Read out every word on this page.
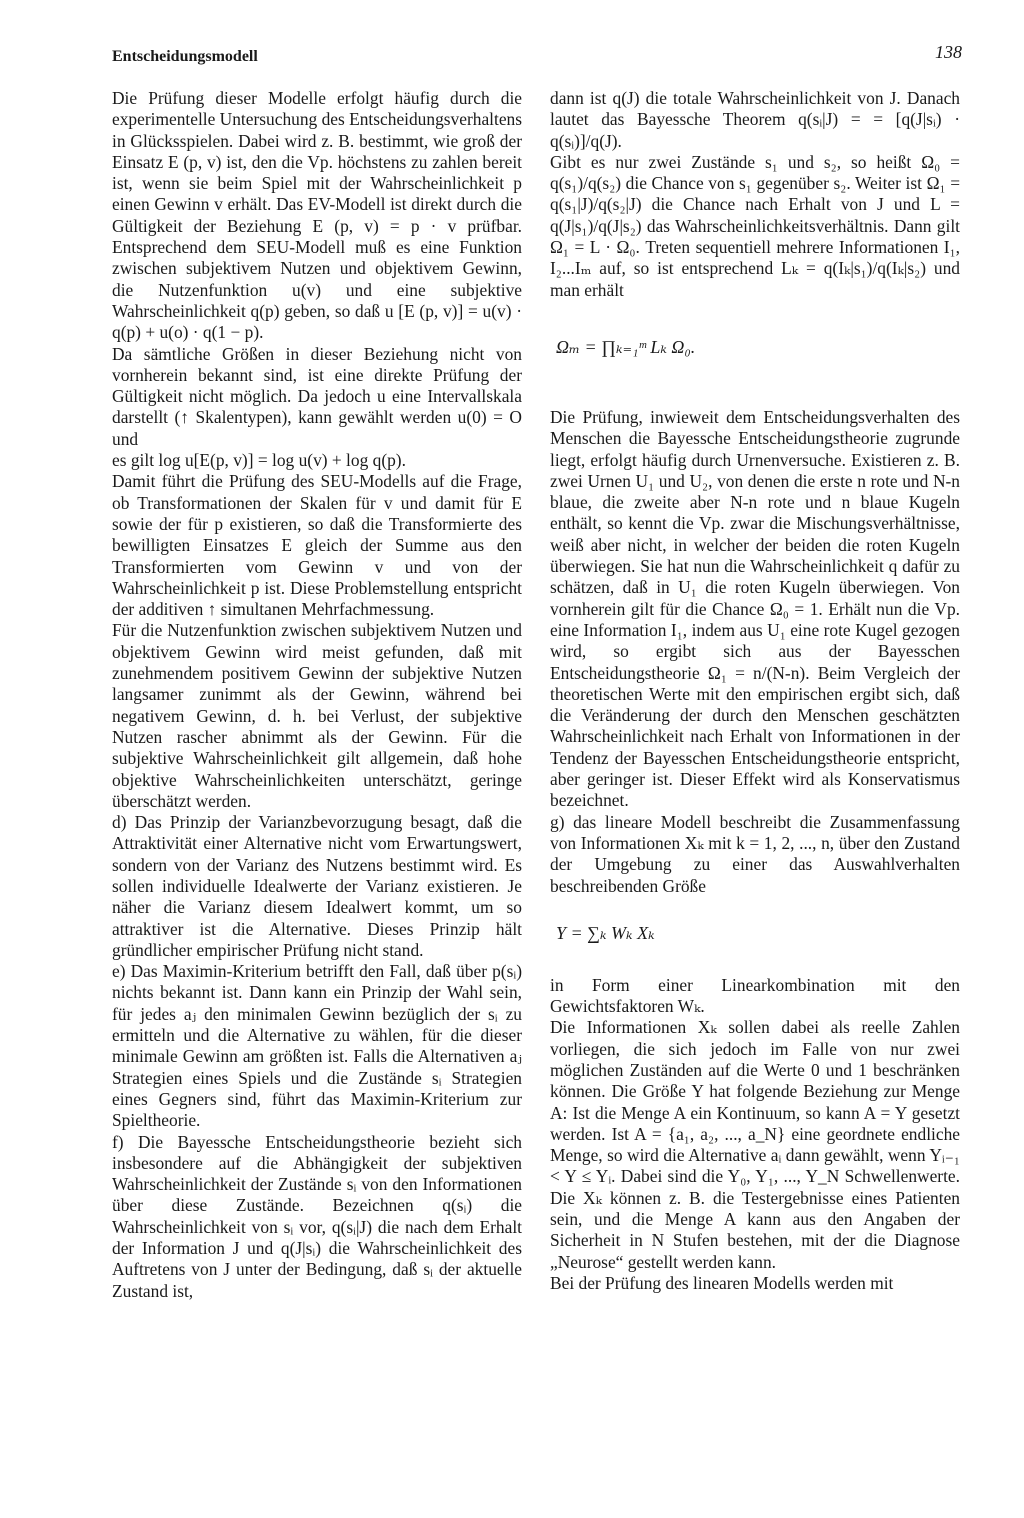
Entscheidungsmodell	138

Die Prüfung dieser Modelle erfolgt häufig durch die experimentelle Untersuchung des Entscheidungsverhaltens in Glücksspielen. Dabei wird z. B. bestimmt, wie groß der Einsatz E (p, v) ist, den die Vp. höchstens zu zahlen bereit ist, wenn sie beim Spiel mit der Wahrscheinlichkeit p einen Gewinn v erhält. Das EV-Modell ist direkt durch die Gültigkeit der Beziehung E (p, v) = p · v prüfbar. Entsprechend dem SEU-Modell muß es eine Funktion zwischen subjektivem Nutzen und objektivem Gewinn, die Nutzenfunktion u(v) und eine subjektive Wahrscheinlichkeit q(p) geben, so daß u [E (p, v)] = u(v) · q(p) + u(o) · q(1 − p).

Da sämtliche Größen in dieser Beziehung nicht von vornherein bekannt sind, ist eine direkte Prüfung der Gültigkeit nicht möglich. Da jedoch u eine Intervallskala darstellt (↑ Skalentypen), kann gewählt werden u(0) = O und

es gilt log u[E(p, v)] = log u(v) + log q(p).

Damit führt die Prüfung des SEU-Modells auf die Frage, ob Transformationen der Skalen für v und damit für E sowie der für p existieren, so daß die Transformierte des bewilligten Einsatzes E gleich der Summe aus den Transformierten vom Gewinn v und von der Wahrscheinlichkeit p ist. Diese Problemstellung entspricht der additiven ↑ simultanen Mehrfachmessung.

Für die Nutzenfunktion zwischen subjektivem Nutzen und objektivem Gewinn wird meist gefunden, daß mit zunehmendem positivem Gewinn der subjektive Nutzen langsamer zunimmt als der Gewinn, während bei negativem Gewinn, d. h. bei Verlust, der subjektive Nutzen rascher abnimmt als der Gewinn. Für die subjektive Wahrscheinlichkeit gilt allgemein, daß hohe objektive Wahrscheinlichkeiten unterschätzt, geringe überschätzt werden.

d) Das Prinzip der Varianzbevorzugung besagt, daß die Attraktivität einer Alternative nicht vom Erwartungswert, sondern von der Varianz des Nutzens bestimmt wird. Es sollen individuelle Idealwerte der Varianz existieren. Je näher die Varianz diesem Idealwert kommt, um so attraktiver ist die Alternative. Dieses Prinzip hält gründlicher empirischer Prüfung nicht stand.

e) Das Maximin-Kriterium betrifft den Fall, daß über p(sᵢ) nichts bekannt ist. Dann kann ein Prinzip der Wahl sein, für jedes aⱼ den minimalen Gewinn bezüglich der sᵢ zu ermitteln und die Alternative zu wählen, für die dieser minimale Gewinn am größten ist. Falls die Alternativen aⱼ Strategien eines Spiels und die Zustände sᵢ Strategien eines Gegners sind, führt das Maximin-Kriterium zur Spieltheorie.

f) Die Bayessche Entscheidungstheorie bezieht sich insbesondere auf die Abhängigkeit der subjektiven Wahrscheinlichkeit der Zustände sᵢ von den Informationen über diese Zustände. Bezeichnen q(sᵢ) die Wahrscheinlichkeit von sᵢ vor, q(sᵢ|J) die nach dem Erhalt der Information J und q(J|sᵢ) die Wahrscheinlichkeit des Auftretens von J unter der Bedingung, daß sᵢ der aktuelle Zustand ist,

dann ist q(J) die totale Wahrscheinlichkeit von J. Danach lautet das Bayessche Theorem q(sᵢ|J) = = [q(J|sᵢ) · q(sᵢ)]/q(J).

Gibt es nur zwei Zustände s₁ und s₂, so heißt Ω₀ = q(s₁)/q(s₂) die Chance von s₁ gegenüber s₂. Weiter ist Ω₁ = q(s₁|J)/q(s₂|J) die Chance nach Erhalt von J und L = q(J|s₁)/q(J|s₂) das Wahrscheinlichkeitsverhältnis. Dann gilt Ω₁ = L · Ω₀. Treten sequentiell mehrere Informationen I₁, I₂...Iₘ auf, so ist entsprechend Lₖ = q(Iₖ|s₁)/q(Iₖ|s₂) und man erhält

Ωₘ = ∏ₖ₌₁ᵐ Lₖ Ω₀.

Die Prüfung, inwieweit dem Entscheidungsverhalten des Menschen die Bayessche Entscheidungstheorie zugrunde liegt, erfolgt häufig durch Urnenversuche. Existieren z. B. zwei Urnen U₁ und U₂, von denen die erste n rote und N-n blaue, die zweite aber N-n rote und n blaue Kugeln enthält, so kennt die Vp. zwar die Mischungsverhältnisse, weiß aber nicht, in welcher der beiden die roten Kugeln überwiegen. Sie hat nun die Wahrscheinlichkeit q dafür zu schätzen, daß in U₁ die roten Kugeln überwiegen. Von vornherein gilt für die Chance Ω₀ = 1. Erhält nun die Vp. eine Information I₁, indem aus U₁ eine rote Kugel gezogen wird, so ergibt sich aus der Bayesschen Entscheidungstheorie Ω₁ = n/(N-n). Beim Vergleich der theoretischen Werte mit den empirischen ergibt sich, daß die Veränderung der durch den Menschen geschätzten Wahrscheinlichkeit nach Erhalt von Informationen in der Tendenz der Bayesschen Entscheidungstheorie entspricht, aber geringer ist. Dieser Effekt wird als Konservatismus bezeichnet.

g) das lineare Modell beschreibt die Zusammenfassung von Informationen Xₖ mit k = 1, 2, ..., n, über den Zustand der Umgebung zu einer das Auswahlverhalten beschreibenden Größe

Y = ∑ₖ Wₖ Xₖ

in Form einer Linearkombination mit den Gewichtsfaktoren Wₖ.

Die Informationen Xₖ sollen dabei als reelle Zahlen vorliegen, die sich jedoch im Falle von nur zwei möglichen Zuständen auf die Werte 0 und 1 beschränken können. Die Größe Y hat folgende Beziehung zur Menge A: Ist die Menge A ein Kontinuum, so kann A = Y gesetzt werden. Ist A = {a₁, a₂, ..., a_N} eine geordnete endliche Menge, so wird die Alternative aᵢ dann gewählt, wenn Yᵢ₋₁ < Y ≤ Yᵢ. Dabei sind die Y₀, Y₁, ..., Y_N Schwellenwerte. Die Xₖ können z. B. die Testergebnisse eines Patienten sein, und die Menge A kann aus den Angaben der Sicherheit in N Stufen bestehen, mit der die Diagnose „Neurose“ gestellt werden kann.

Bei der Prüfung des linearen Modells werden mit
